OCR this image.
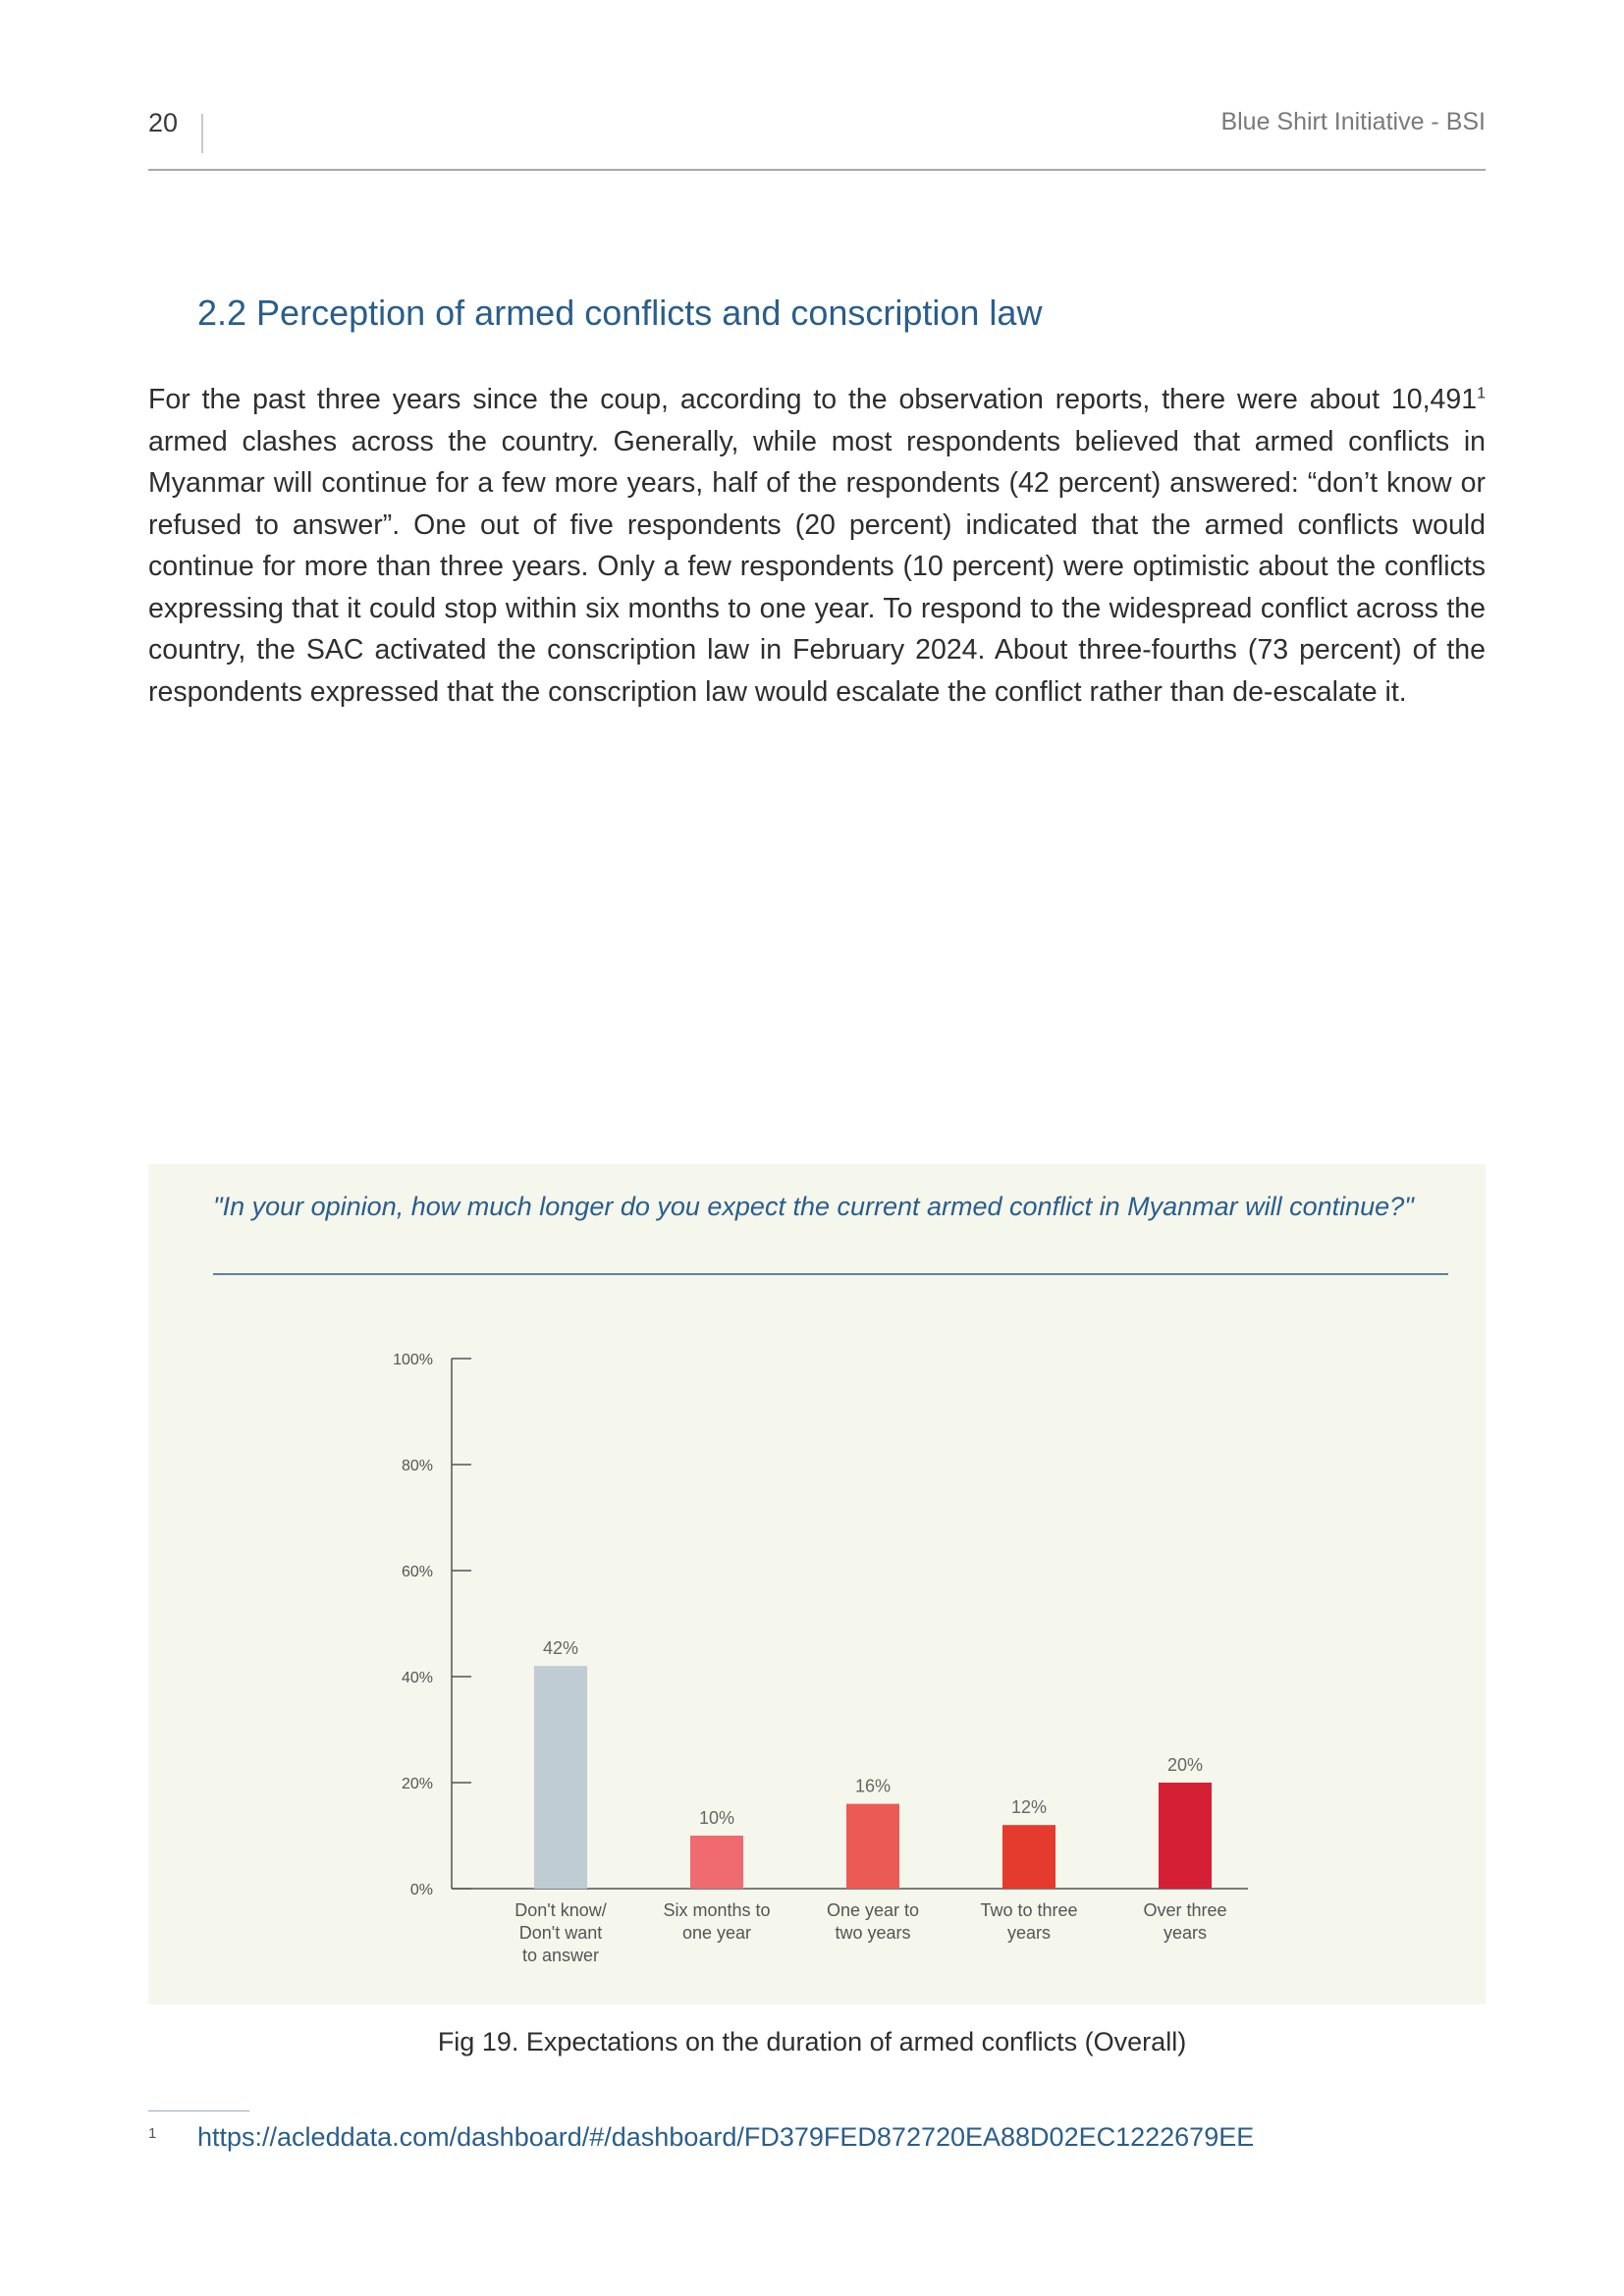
20	Blue Shirt Initiative - BSI
2.2 Perception of armed conflicts and conscription law

For the past three years since the coup, according to the observation reports, there were about 10,491$^1$ armed clashes across the country. Generally, while most respondents believed that armed conflicts in Myanmar will continue for a few more years, half of the respondents (42 percent) answered: “don’t know or refused to answer”. One out of five respondents (20 percent) indicated that the armed conflicts would continue for more than three years. Only a few respondents (10 percent) were optimistic about the conflicts expressing that it could stop within six months to one year. To respond to the widespread conflict across the country, the SAC activated the conscription law in February 2024. About three-fourths (73 percent) of the respondents expressed that the conscription law would escalate the conflict rather than de-escalate it.

"In your opinion, how much longer do you expect the current armed conflict in Myanmar will continue?"

0%
20%
40%
60%
80%
100%
42%
Don't know/ Don't want to answer
10%
Six months to one year
16%
One year to two years
12%
Two to three years
20%
Over three years
Fig 19. Expectations on the duration of armed conflicts (Overall)
1 https://acleddata.com/dashboard/#/dashboard/FD379FED872720EA88D02EC1222679EE
